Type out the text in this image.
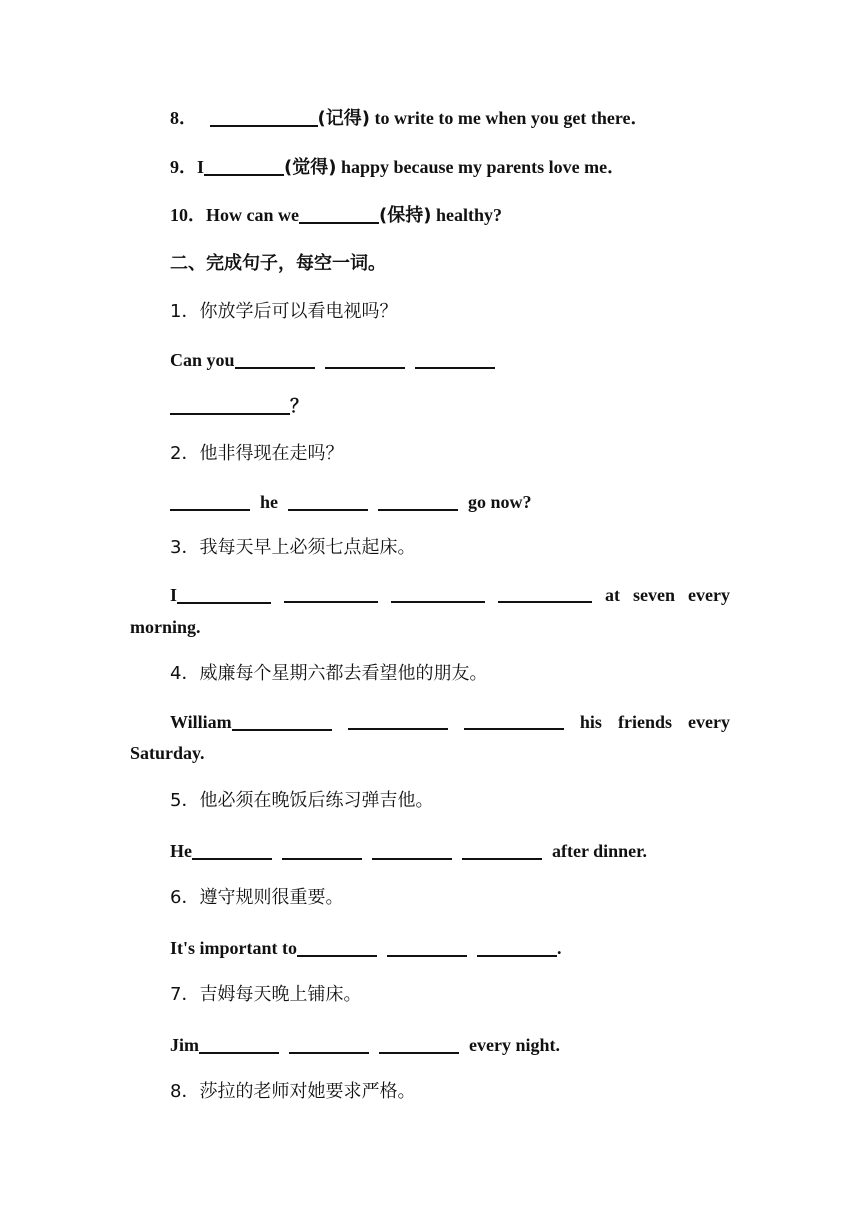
8．	(记得) to write to me when you get there．
9．I	(觉得) happy because my parents love me．
10．How can we	(保持) healthy?
二、完成句子，每空一词。
1．你放学后可以看电视吗？
Can you
？
2．他非得现在走吗？
he	go now?
3．我每天早上必须七点起床。
I	at seven every
morning.
4．威廉每个星期六都去看望他的朋友。
William	his friends every
Saturday.
5．他必须在晚饭后练习弹吉他。
He	after dinner.
6．遵守规则很重要。
It's important to	.
7．吉姆每天晚上铺床。
Jim	every night.
8．莎拉的老师对她要求严格。
